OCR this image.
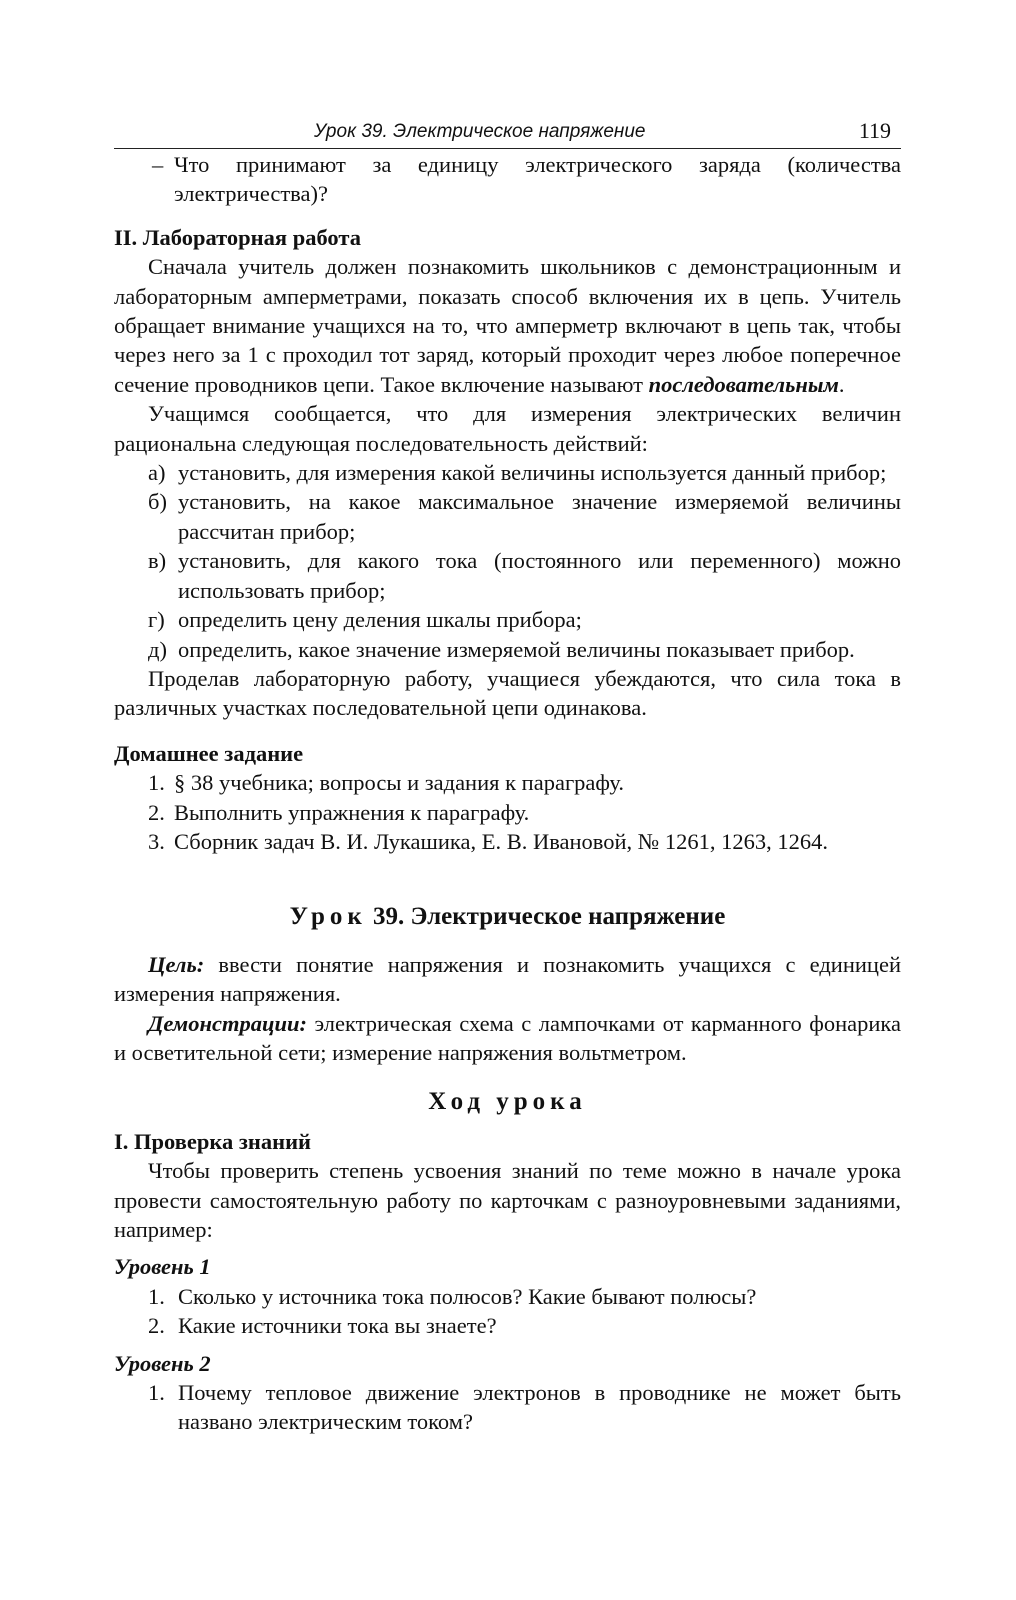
Урок 39. Электрическое напряжение	119
– Что принимают за единицу электрического заряда (количества электричества)?

II. Лабораторная работа

Сначала учитель должен познакомить школьников с демонстрационным и лабораторным амперметрами, показать способ включения их в цепь. Учитель обращает внимание учащихся на то, что амперметр включают в цепь так, чтобы через него за 1 с проходил тот заряд, который проходит через любое поперечное сечение проводников цепи. Такое включение называют последовательным.

Учащимся сообщается, что для измерения электрических величин рациональна следующая последовательность действий:

а) установить, для измерения какой величины используется данный прибор;
б) установить, на какое максимальное значение измеряемой величины рассчитан прибор;
в) установить, для какого тока (постоянного или переменного) можно использовать прибор;
г) определить цену деления шкалы прибора;
д) определить, какое значение измеряемой величины показывает прибор.

Проделав лабораторную работу, учащиеся убеждаются, что сила тока в различных участках последовательной цепи одинакова.

Домашнее задание

1. § 38 учебника; вопросы и задания к параграфу.
2. Выполнить упражнения к параграфу.
3. Сборник задач В. И. Лукашика, Е. В. Ивановой, № 1261, 1263, 1264.

Урок 39. Электрическое напряжение

Цель: ввести понятие напряжения и познакомить учащихся с единицей измерения напряжения.

Демонстрации: электрическая схема с лампочками от карманного фонарика и осветительной сети; измерение напряжения вольтметром.

Ход урока

I. Проверка знаний

Чтобы проверить степень усвоения знаний по теме можно в начале урока провести самостоятельную работу по карточкам с разноуровневыми заданиями, например:

Уровень 1

1. Сколько у источника тока полюсов? Какие бывают полюсы?
2. Какие источники тока вы знаете?

Уровень 2

1. Почему тепловое движение электронов в проводнике не может быть названо электрическим током?
